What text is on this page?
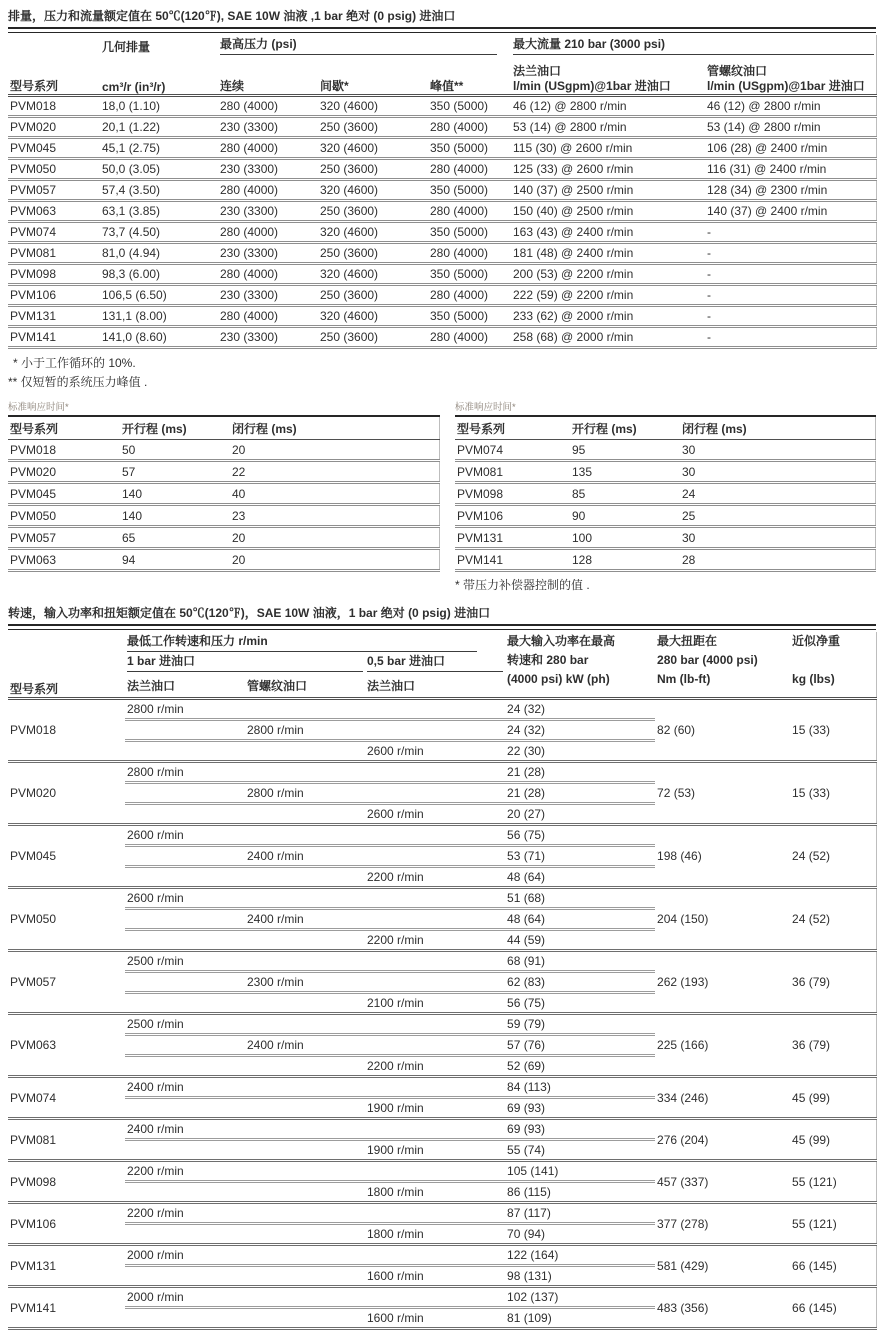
排量，压力和流量额定值在 50℃(120℉), SAE 10W 油液 ,1 bar 绝对 (0 psig) 进油口

	几何排量	最高压力 (psi)			最大流量 210 bar (3000 psi)	

型号系列	cm³/r (in³/r)	连续	间歇*	峰值**	
法兰油口
l/min (USgpm)@1bar 进油口

管螺纹油口
l/min (USgpm)@1bar 进油口

PVM018	18,0 (1.10)	280 (4000)	320 (4600)	350 (5000)	46 (12) @ 2800 r/min	46 (12) @ 2800 r/min
PVM020	20,1 (1.22)	230 (3300)	250 (3600)	280 (4000)	53 (14) @ 2800 r/min	53 (14) @ 2800 r/min
PVM045	45,1 (2.75)	280 (4000)	320 (4600)	350 (5000)	115 (30) @ 2600 r/min	106 (28) @ 2400 r/min
PVM050	50,0 (3.05)	230 (3300)	250 (3600)	280 (4000)	125 (33) @ 2600 r/min	116 (31) @ 2400 r/min
PVM057	57,4 (3.50)	280 (4000)	320 (4600)	350 (5000)	140 (37) @ 2500 r/min	128 (34) @ 2300 r/min
PVM063	63,1 (3.85)	230 (3300)	250 (3600)	280 (4000)	150 (40) @ 2500 r/min	140 (37) @ 2400 r/min
PVM074	73,7 (4.50)	280 (4000)	320 (4600)	350 (5000)	163 (43) @ 2400 r/min	-
PVM081	81,0 (4.94)	230 (3300)	250 (3600)	280 (4000)	181 (48) @ 2400 r/min	-
PVM098	98,3 (6.00)	280 (4000)	320 (4600)	350 (5000)	200 (53) @ 2200 r/min	-
PVM106	106,5 (6.50)	230 (3300)	250 (3600)	280 (4000)	222 (59) @ 2200 r/min	-
PVM131	131,1 (8.00)	280 (4000)	320 (4600)	350 (5000)	233 (62) @ 2000 r/min	-
PVM141	141,0 (8.60)	230 (3300)	250 (3600)	280 (4000)	258 (68) @ 2000 r/min	-
* 小于工作循环的 10%.
** 仅短暂的系统压力峰值 .
标准响应时间*
型号系列	开行程 (ms)	闭行程 (ms)
PVM018	50	20
PVM020	57	22
PVM045	140	40
PVM050	140	23
PVM057	65	20
PVM063	94	20
标准响应时间*
型号系列	开行程 (ms)	闭行程 (ms)
PVM074	95	30
PVM081	135	30
PVM098	85	24
PVM106	90	25
PVM131	100	30
PVM141	128	28
* 带压力补偿器控制的值 .
转速，输入功率和扭矩额定值在 50℃(120℉)，SAE 10W 油液，1 bar 绝对 (0 psig) 进油口
型号系列	
最低工作转速和压力 r/min	最大输入功率在最高
转速和 280 bar
(4000 psi) kW (ph)

最大扭距在
280 bar (4000 psi)
Nm (lb-ft)

近似净重
kg (lbs)

	1 bar 进油口		0,5 bar 进油口			

	法兰油口	管螺纹油口	法兰油口			
PVM018	2800 r/min			24 (32)	82 (60)	15 (33)
		2800 r/min		24 (32)		
			2600 r/min	22 (30)		
PVM020	2800 r/min			21 (28)	72 (53)	15 (33)
		2800 r/min		21 (28)		
			2600 r/min	20 (27)		
PVM045	2600 r/min			56 (75)	198 (46)	24 (52)
		2400 r/min		53 (71)		
			2200 r/min	48 (64)		
PVM050	2600 r/min			51 (68)	204 (150)	24 (52)
		2400 r/min		48 (64)		
			2200 r/min	44 (59)		
PVM057	2500 r/min			68 (91)	262 (193)	36 (79)
		2300 r/min		62 (83)		
			2100 r/min	56 (75)		
PVM063	2500 r/min			59 (79)	225 (166)	36 (79)
		2400 r/min		57 (76)		
			2200 r/min	52 (69)		
PVM074	2400 r/min			84 (113)	334 (246)	45 (99)
			1900 r/min	69 (93)		
PVM081	2400 r/min			69 (93)	276 (204)	45 (99)
			1900 r/min	55 (74)		
PVM098	2200 r/min			105 (141)	457 (337)	55 (121)
			1800 r/min	86 (115)		
PVM106	2200 r/min			87 (117)	377 (278)	55 (121)
			1800 r/min	70 (94)		
PVM131	2000 r/min			122 (164)	581 (429)	66 (145)
			1600 r/min	98 (131)		
PVM141	2000 r/min			102 (137)	483 (356)	66 (145)
			1600 r/min	81 (109)		
